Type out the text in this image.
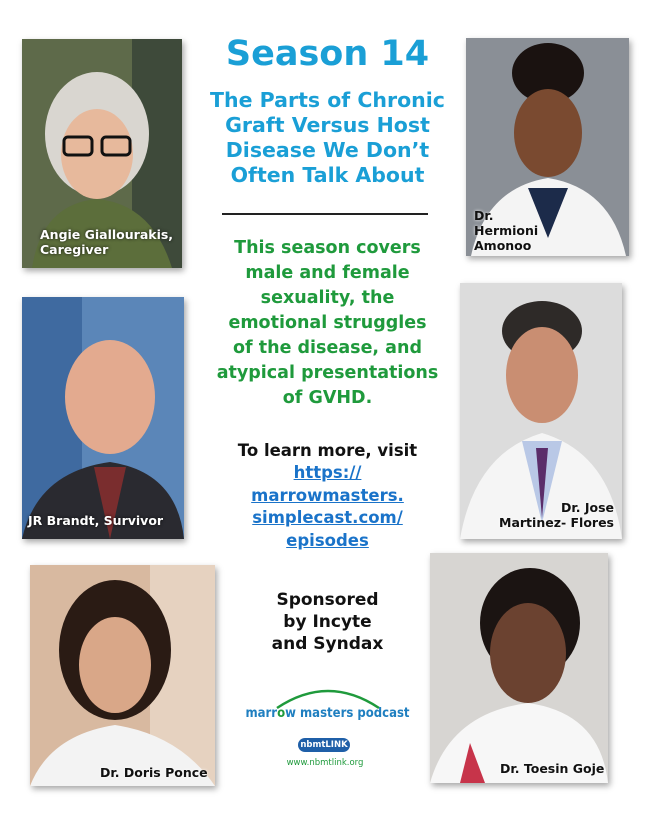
Angie Giallourakis,
Caregiver
Dr.
Hermioni
Amonoo
JR Brandt, Survivor
Dr. Jose
Martinez- Flores
Dr. Doris Ponce	Dr. Toesin Goje
Season 14
The Parts of Chronic
Graft Versus Host
Disease We Don’t
Often Talk About
This season covers
male and female
sexuality, the
emotional struggles
of the disease, and
atypical presentations
of GVHD.
To learn more, visit
https://
marrowmasters.
simplecast.com/
episodes
Sponsored
by Incyte
and Syndax
marrow masters podcast
nbmtLINK
www.nbmtlink.org
